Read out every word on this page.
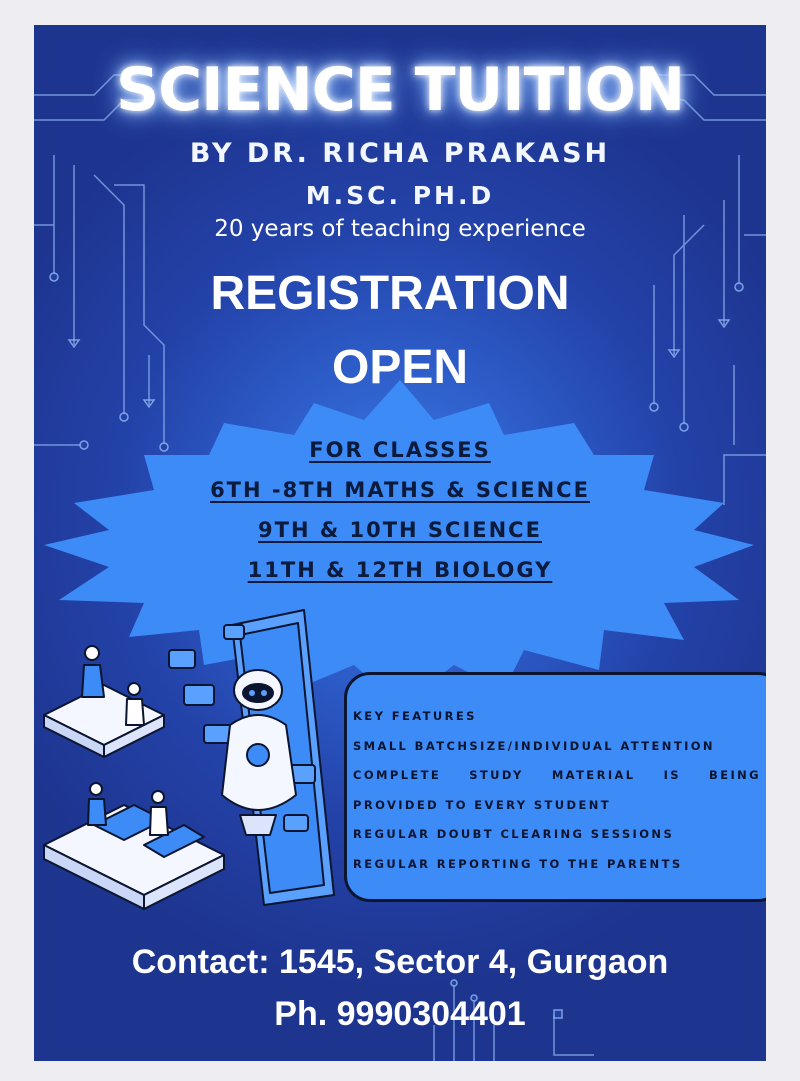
SCIENCE TUITION
BY DR. RICHA PRAKASH
M.SC. PH.D
20 years of teaching experience
REGISTRATION
OPEN
FOR CLASSES
6TH -8TH MATHS & SCIENCE
9TH & 10TH SCIENCE
11TH & 12TH BIOLOGY
KEY FEATURES
SMALL BATCHSIZE/INDIVIDUAL ATTENTION
COMPLETE STUDY MATERIAL IS BEING
PROVIDED TO EVERY STUDENT
REGULAR DOUBT CLEARING SESSIONS
REGULAR REPORTING TO THE PARENTS
Contact: 1545, Sector 4, Gurgaon
Ph. 9990304401
